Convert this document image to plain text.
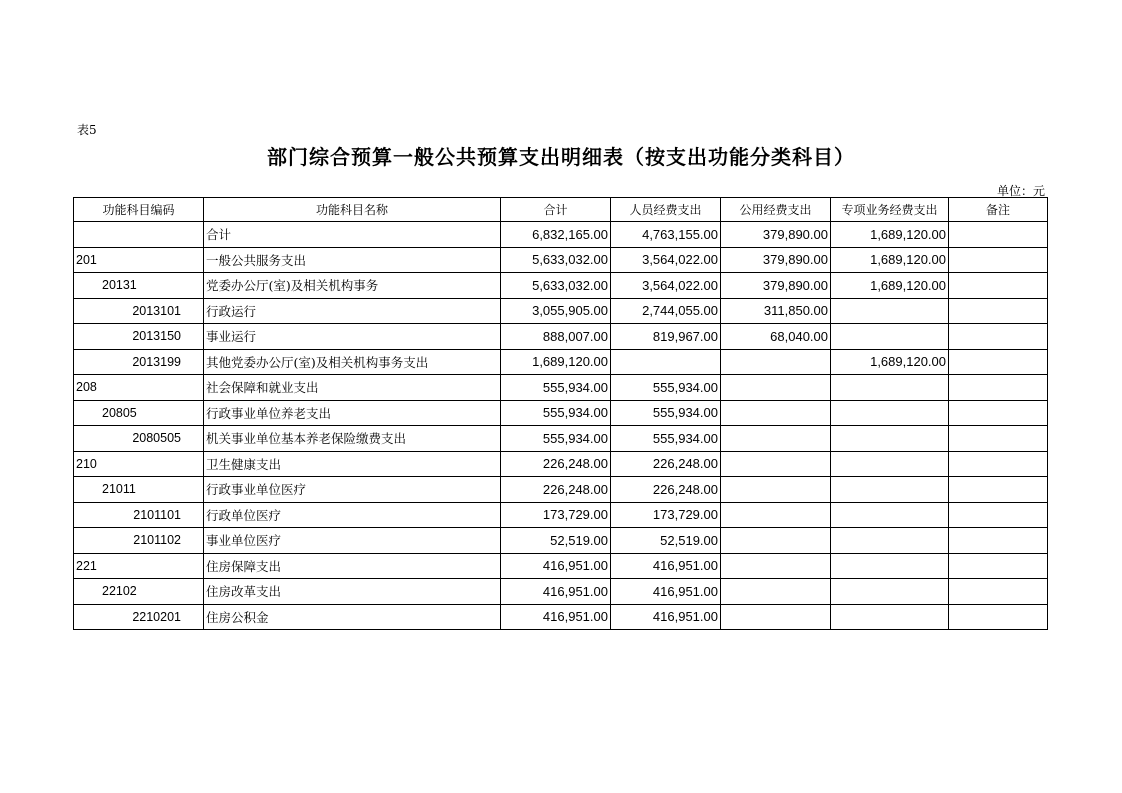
表5
部门综合预算一般公共预算支出明细表（按支出功能分类科目）
单位：元
功能科目编码	功能科目名称	合计	人员经费支出	公用经费支出	专项业务经费支出	备注
	合计	6,832,165.00	4,763,155.00	379,890.00	1,689,120.00	
201	一般公共服务支出	5,633,032.00	3,564,022.00	379,890.00	1,689,120.00	
20131	党委办公厅(室)及相关机构事务	5,633,032.00	3,564,022.00	379,890.00	1,689,120.00	
2013101	行政运行	3,055,905.00	2,744,055.00	311,850.00		
2013150	事业运行	888,007.00	819,967.00	68,040.00		
2013199	其他党委办公厅(室)及相关机构事务支出	1,689,120.00			1,689,120.00	
208	社会保障和就业支出	555,934.00	555,934.00			
20805	行政事业单位养老支出	555,934.00	555,934.00			
2080505	机关事业单位基本养老保险缴费支出	555,934.00	555,934.00			
210	卫生健康支出	226,248.00	226,248.00			
21011	行政事业单位医疗	226,248.00	226,248.00			
2101101	行政单位医疗	173,729.00	173,729.00			
2101102	事业单位医疗	52,519.00	52,519.00			
221	住房保障支出	416,951.00	416,951.00			
22102	住房改革支出	416,951.00	416,951.00			
2210201	住房公积金	416,951.00	416,951.00			
